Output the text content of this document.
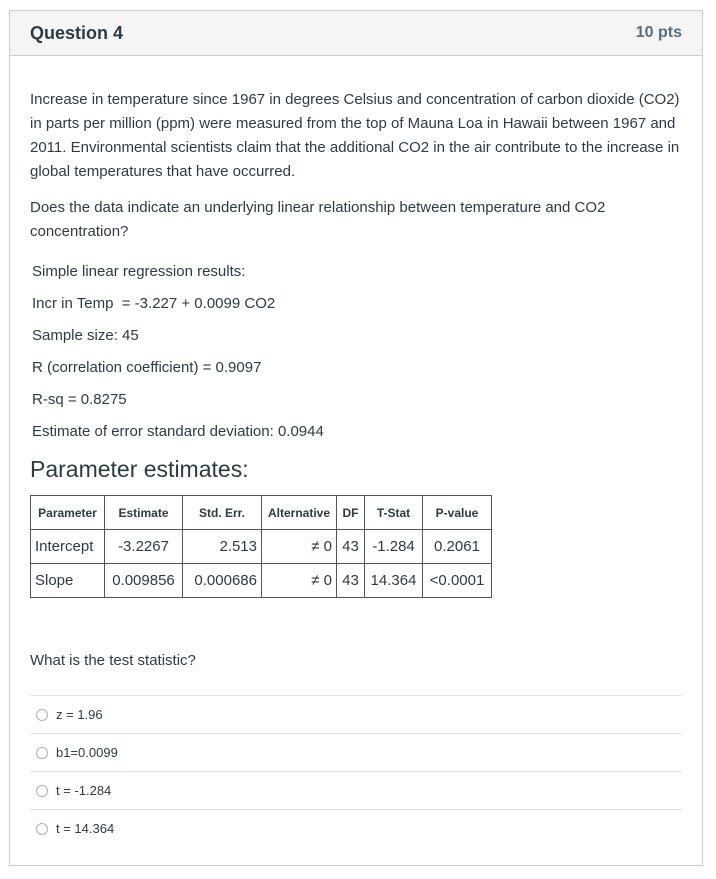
Question 4	10 pts

Increase in temperature since 1967 in degrees Celsius and concentration of carbon dioxide (CO2) in parts per million (ppm) were measured from the top of Mauna Loa in Hawaii between 1967 and 2011. Environmental scientists claim that the additional CO2 in the air contribute to the increase in global temperatures that have occurred.

Does the data indicate an underlying linear relationship between temperature and CO2 concentration?

Simple linear regression results:

Incr in Temp  = -3.227 + 0.0099 CO2

Sample size: 45

R (correlation coefficient) = 0.9097

R-sq = 0.8275

Estimate of error standard deviation: 0.0944

Parameter estimates:
Parameter	Estimate	Std. Err.	Alternative	DF	T-Stat	P-value
Intercept	-3.2267	2.513	≠ 0	43	-1.284	0.2061
Slope	0.009856	0.000686	≠ 0	43	14.364	<0.0001
What is the test statistic?
z = 1.96
b1=0.0099
t = -1.284
t = 14.364
